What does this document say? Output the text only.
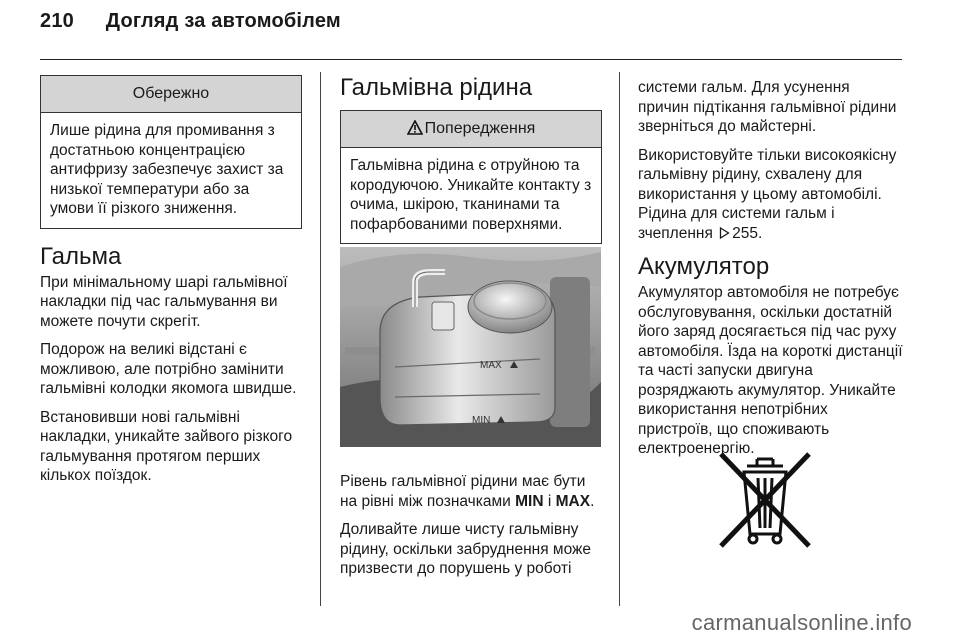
210 Догляд за автомобілем
Обережно
Лише рідина для промивання з достатньою концентрацією антифризу забезпечує захист за низької температури або за умови її різкого зниження.
Гальма

При мінімальному шарі гальмівної накладки під час гальмування ви можете почути скрегіт.

Подорож на великі відстані є можливою, але потрібно замінити гальмівні колодки якомога швидше.

Встановивши нові гальмівні накладки, уникайте зайвого різкого гальмування протягом перших кількох поїздок.

Гальмівна рідина
Попередження
Гальмівна рідина є отруйною та кородуючою. Уникайте контакту з очима, шкірою, тканинами та пофарбованими поверхнями.
MAX
MIN

Рівень гальмівної рідини має бути на рівні між позначками MIN і MAX.

Доливайте лише чисту гальмівну рідину, оскільки забруднення може призвести до порушень у роботі

системи гальм. Для усунення причин підтікання гальмівної рідини зверніться до майстерні.

Використовуйте тільки високоякісну гальмівну рідину, схвалену для використання у цьому автомобілі. Рідина для системи гальм і зчеплення 255.

Акумулятор

Акумулятор автомобіля не потребує обслуговування, оскільки достатній його заряд досягається під час руху автомобіля. Їзда на короткі дистанції та часті запуски двигуна розряджають акумулятор. Уникайте використання непотрібних пристроїв, що споживають електроенергію.

carmanualsonline.info
